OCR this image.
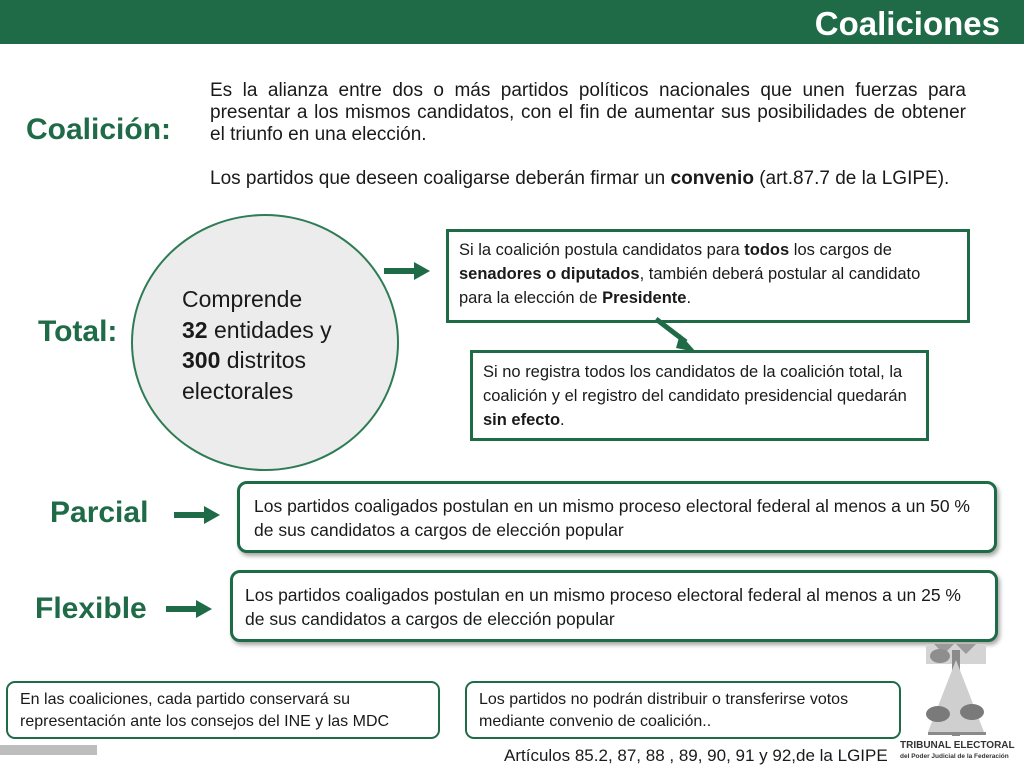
Coaliciones
Coalición:

Es la alianza entre dos o más partidos políticos nacionales que unen fuerzas para presentar a los mismos candidatos, con el fin de aumentar sus posibilidades de obtener el triunfo en una elección.

Los partidos que deseen coaligarse deberán firmar un convenio (art.87.7 de la LGIPE).

Total:
Comprende
32 entidades y
300 distritos
electorales
Si la coalición postula candidatos para todos los cargos de senadores o diputados, también deberá postular al candidato para la elección de Presidente.
Si no registra todos los candidatos de la coalición total, la coalición y el registro del candidato presidencial quedarán sin efecto.
Parcial	Los partidos coaligados postulan en un mismo proceso electoral federal al menos a un 50 % de sus candidatos a cargos de elección popular
Flexible	Los partidos coaligados postulan en un mismo proceso electoral federal al menos a un 25 % de sus candidatos a cargos de elección popular
En las coaliciones, cada partido conservará su representación ante los consejos del INE y las MDC
Los partidos no podrán distribuir o transferirse votos mediante convenio de coalición..
Artículos 85.2, 87, 88 , 89, 90, 91 y 92,de la LGIPE
TRIBUNAL ELECTORAL
del Poder Judicial de la Federación
